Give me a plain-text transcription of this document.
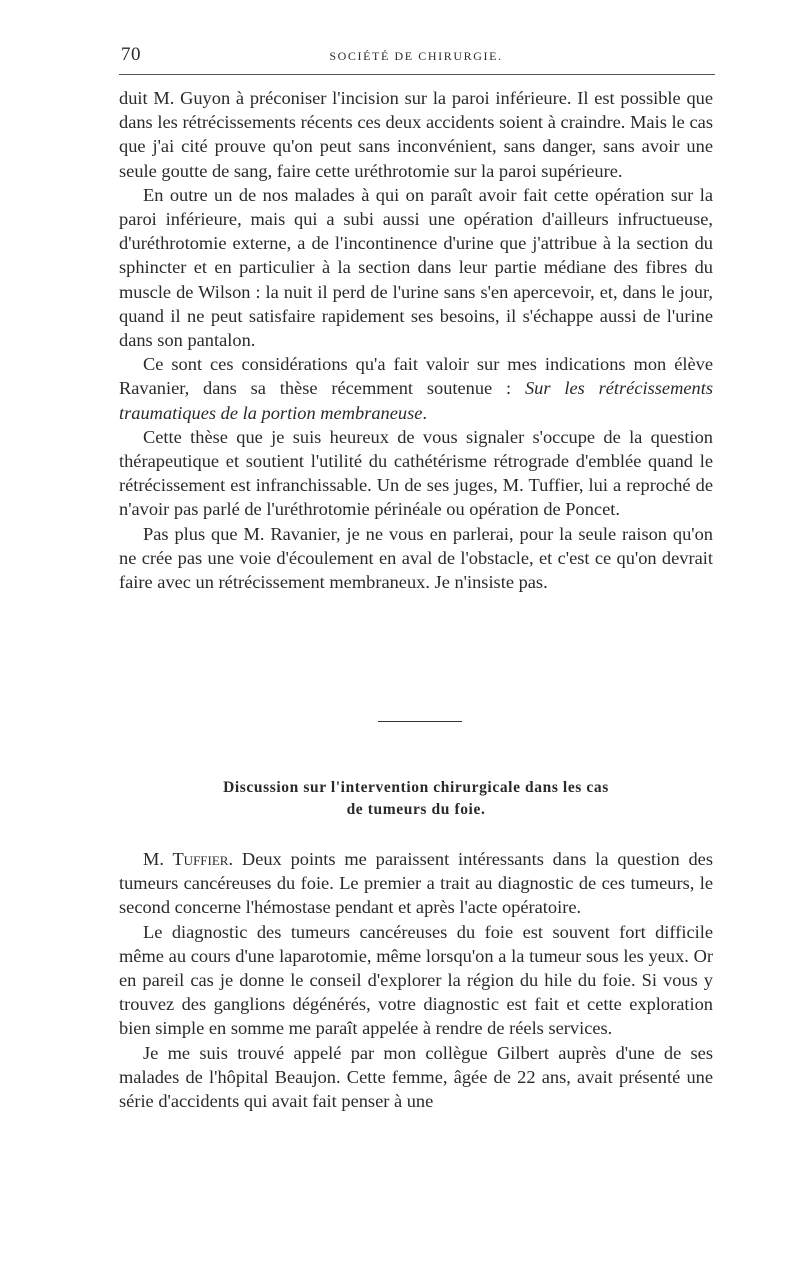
70	SOCIÉTÉ DE CHIRURGIE.

duit M. Guyon à préconiser l'incision sur la paroi inférieure. Il est possible que dans les rétrécissements récents ces deux accidents soient à craindre. Mais le cas que j'ai cité prouve qu'on peut sans inconvénient, sans danger, sans avoir une seule goutte de sang, faire cette uréthrotomie sur la paroi supérieure.

En outre un de nos malades à qui on paraît avoir fait cette opération sur la paroi inférieure, mais qui a subi aussi une opération d'ailleurs infructueuse, d'uréthrotomie externe, a de l'incontinence d'urine que j'attribue à la section du sphincter et en particulier à la section dans leur partie médiane des fibres du muscle de Wilson : la nuit il perd de l'urine sans s'en apercevoir, et, dans le jour, quand il ne peut satisfaire rapidement ses besoins, il s'échappe aussi de l'urine dans son pantalon.

Ce sont ces considérations qu'a fait valoir sur mes indications mon élève Ravanier, dans sa thèse récemment soutenue : Sur les rétrécissements traumatiques de la portion membraneuse.

Cette thèse que je suis heureux de vous signaler s'occupe de la question thérapeutique et soutient l'utilité du cathétérisme rétrograde d'emblée quand le rétrécissement est infranchissable. Un de ses juges, M. Tuffier, lui a reproché de n'avoir pas parlé de l'uréthrotomie périnéale ou opération de Poncet.

Pas plus que M. Ravanier, je ne vous en parlerai, pour la seule raison qu'on ne crée pas une voie d'écoulement en aval de l'obstacle, et c'est ce qu'on devrait faire avec un rétrécissement membraneux. Je n'insiste pas.

Discussion sur l'intervention chirurgicale dans les cas
de tumeurs du foie.

M. Tuffier. Deux points me paraissent intéressants dans la question des tumeurs cancéreuses du foie. Le premier a trait au diagnostic de ces tumeurs, le second concerne l'hémostase pendant et après l'acte opératoire.

Le diagnostic des tumeurs cancéreuses du foie est souvent fort difficile même au cours d'une laparotomie, même lorsqu'on a la tumeur sous les yeux. Or en pareil cas je donne le conseil d'explorer la région du hile du foie. Si vous y trouvez des ganglions dégénérés, votre diagnostic est fait et cette exploration bien simple en somme me paraît appelée à rendre de réels services.

Je me suis trouvé appelé par mon collègue Gilbert auprès d'une de ses malades de l'hôpital Beaujon. Cette femme, âgée de 22 ans, avait présenté une série d'accidents qui avait fait penser à une
